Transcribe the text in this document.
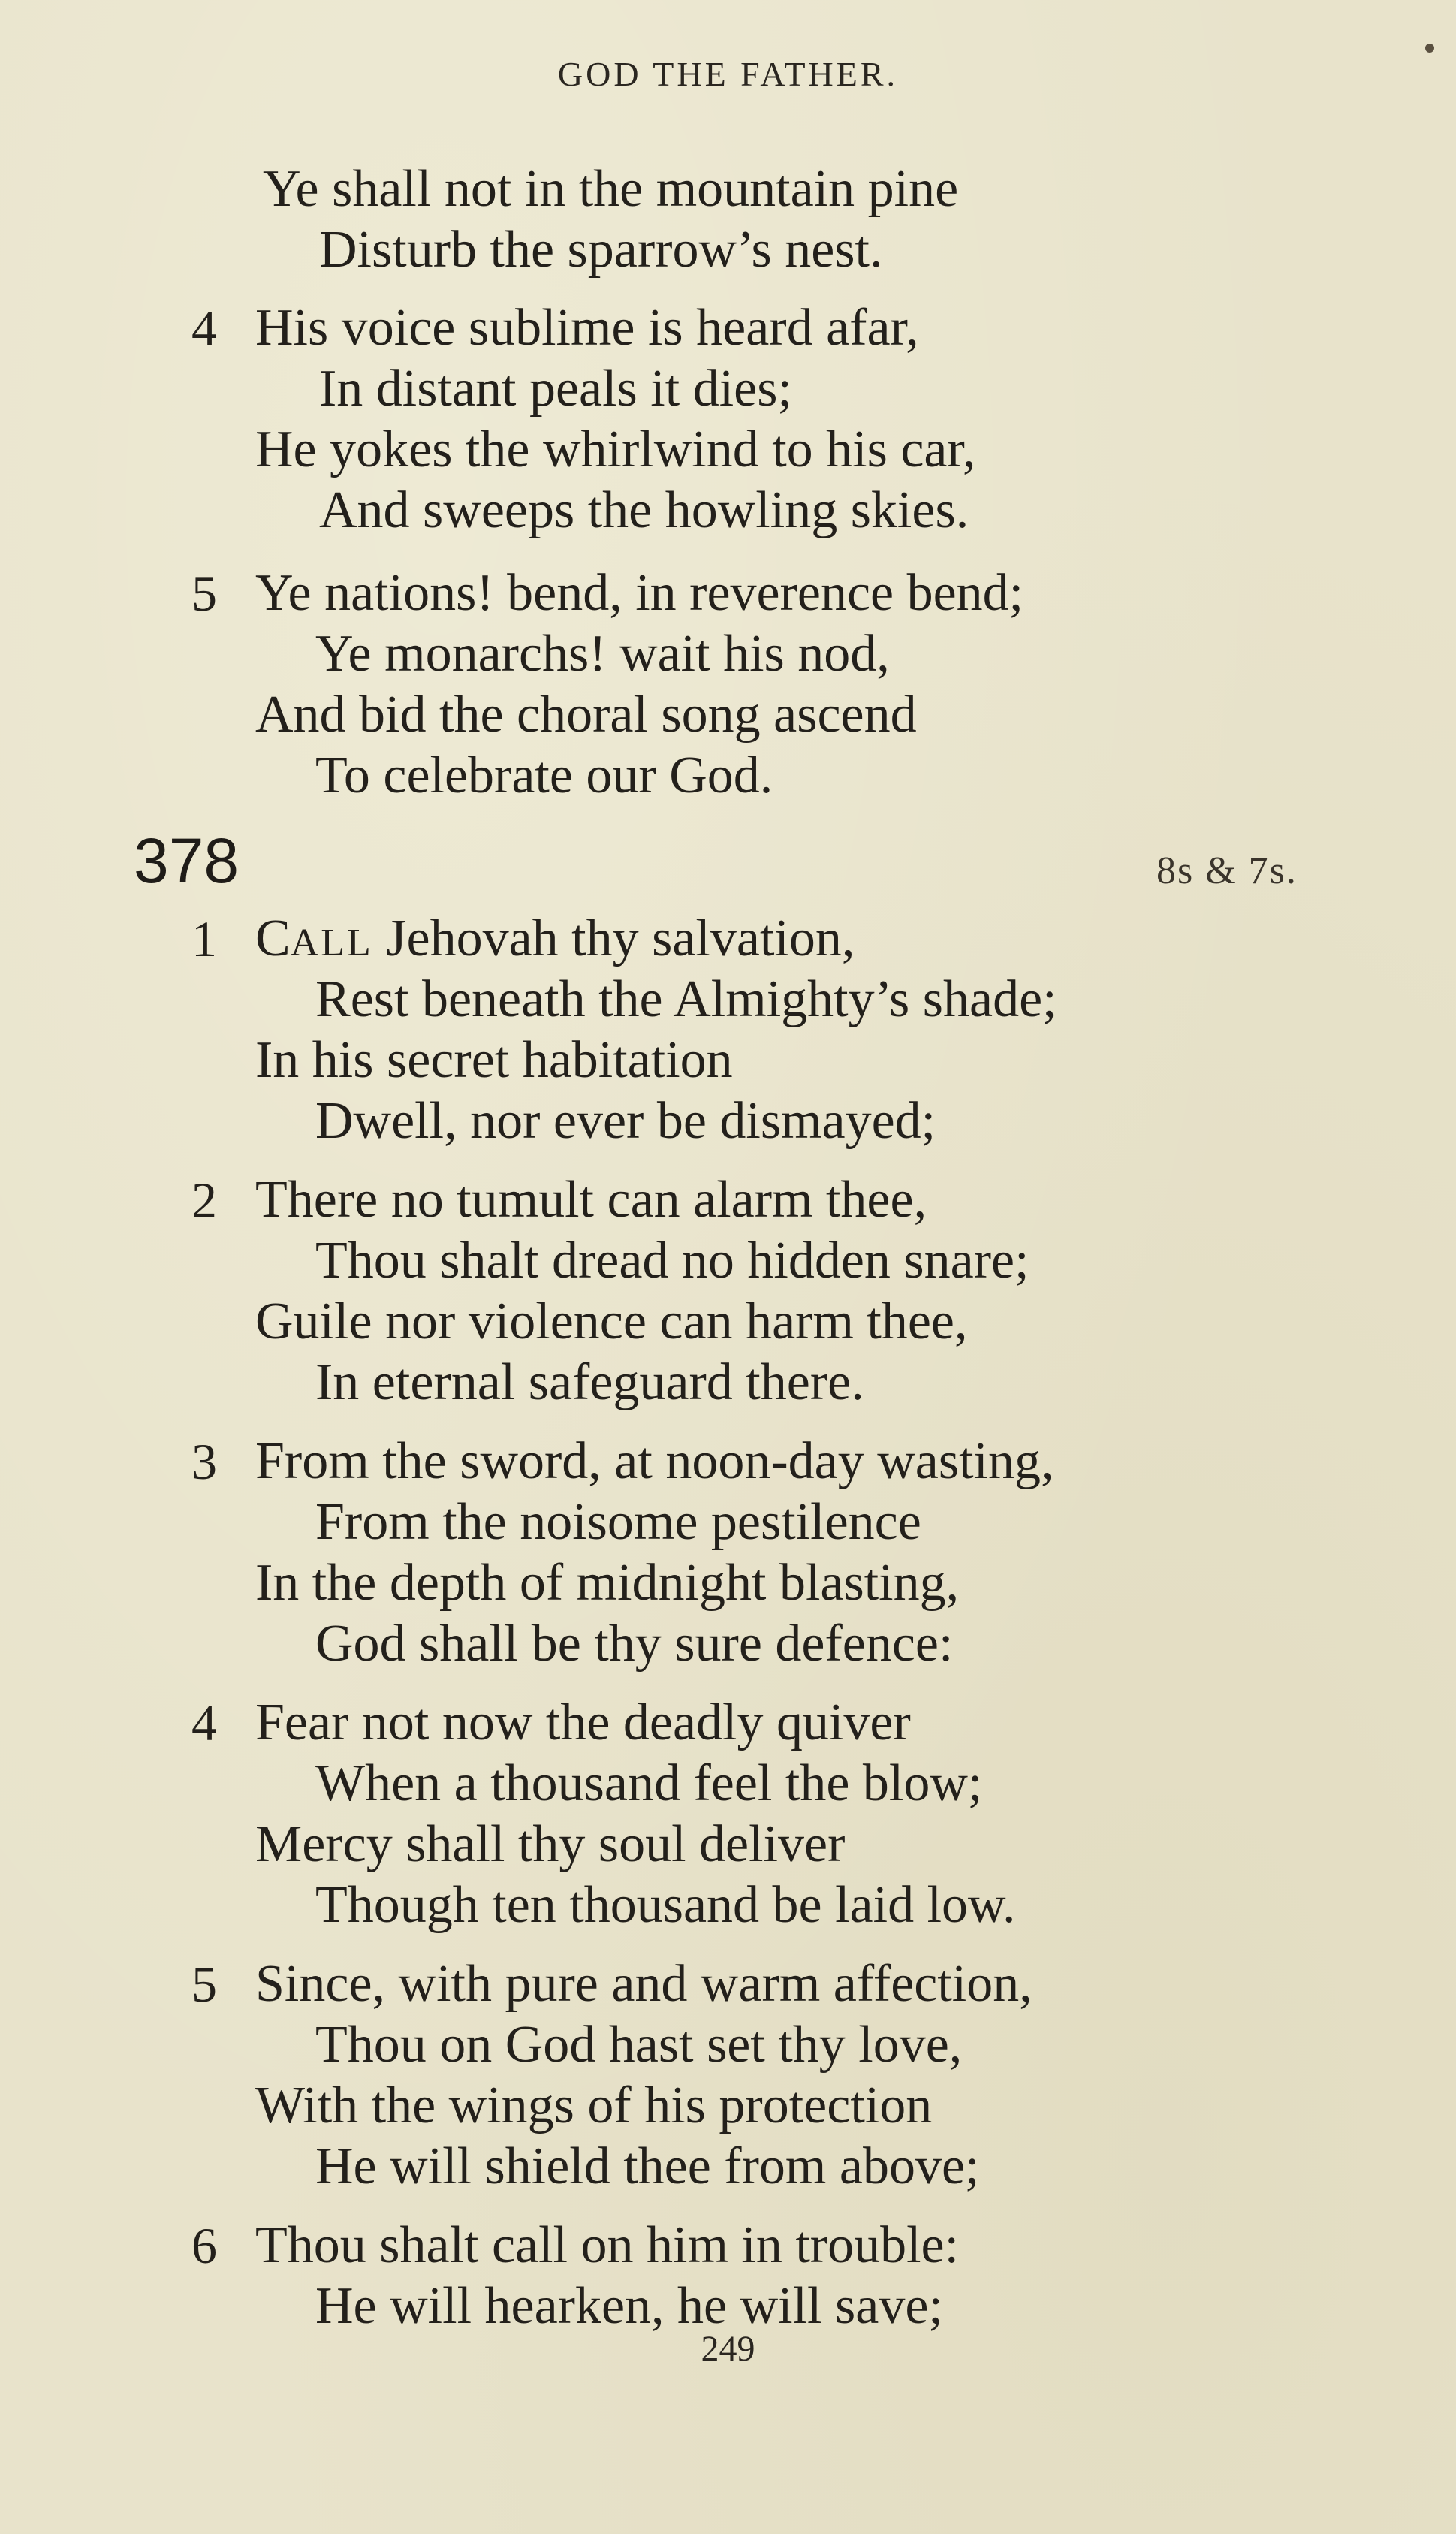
GOD THE FATHER.
Ye shall not in the mountain pine
Disturb the sparrow’s nest.
4 His voice sublime is heard afar,
In distant peals it dies;
He yokes the whirlwind to his car,
And sweeps the howling skies.
5 Ye nations! bend, in reverence bend;
Ye monarchs! wait his nod,
And bid the choral song ascend
To celebrate our God.
378	8s & 7s.
1 CALL Jehovah thy salvation,
Rest beneath the Almighty’s shade;
In his secret habitation
Dwell, nor ever be dismayed;
2 There no tumult can alarm thee,
Thou shalt dread no hidden snare;
Guile nor violence can harm thee,
In eternal safeguard there.
3 From the sword, at noon-day wasting,
From the noisome pestilence
In the depth of midnight blasting,
God shall be thy sure defence:
4 Fear not now the deadly quiver
When a thousand feel the blow;
Mercy shall thy soul deliver
Though ten thousand be laid low.
5 Since, with pure and warm affection,
Thou on God hast set thy love,
With the wings of his protection
He will shield thee from above;
6 Thou shalt call on him in trouble:
He will hearken, he will save;
249
